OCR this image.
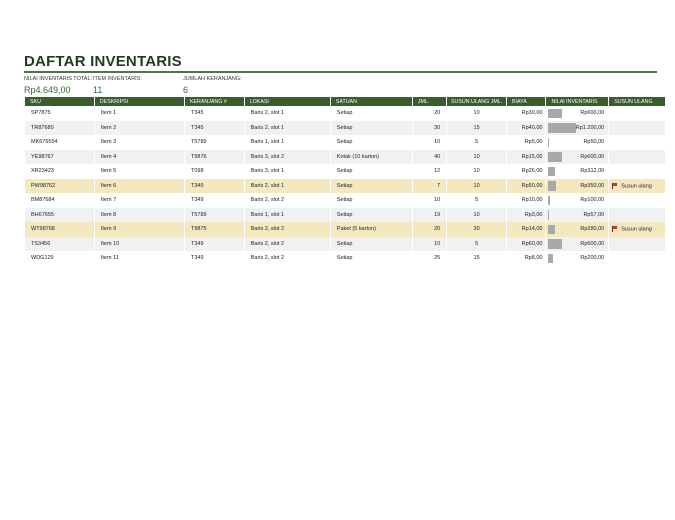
DAFTAR INVENTARIS
NILAI INVENTARIS TOTAL:
Rp4.649,00
ITEM INVENTARIS:
11
JUMLAH KERANJANG:
6
SKU	DESKRIPSI	KERANJANG #	LOKASI	SATUAN	JML.	SUSUN ULANG JML.	BIAYA	NILAI INVENTARIS	SUSUN ULANG
SP7875	Item 1	T345	Baris 2, slot 1	Setiap	20	10	Rp30,00	Rp600,00	

TR87680	Item 2	T345	Baris 2, slot 1	Setiap	30	15	Rp40,00	Rp1.200,00	

MK676554	Item 3	T5789	Baris 1, slot 1	Setiap	10	5	Rp5,00	Rp50,00	

YE98767	Item 4	T9876	Baris 3, slot 2	Kotak (10 karton)	40	10	Rp15,00	Rp600,00	

XR23423	Item 5	T098	Baris 3, slot 1	Setiap	12	10	Rp26,00	Rp312,00	

PW98762	Item 6	T345	Baris 2, slot 1	Setiap	7	10	Rp50,00	Rp350,00	Susun ulang
BM87684	Item 7	T349	Baris 2, slot 2	Setiap	10	5	Rp10,00	Rp100,00	

BH67655	Item 8	T5789	Baris 1, slot 1	Setiap	19	10	Rp3,00	Rp57,00	

WT98768	Item 9	T9875	Baris 2, slot 2	Paket (5 karton)	20	30	Rp14,00	Rp280,00	Susun ulang
TS3456	Item 10	T349	Baris 2, slot 2	Setiap	10	5	Rp60,00	Rp600,00	

WDG129	Item 11	T349	Baris 2, slot 2	Setiap	25	15	Rp8,00	Rp200,00	
